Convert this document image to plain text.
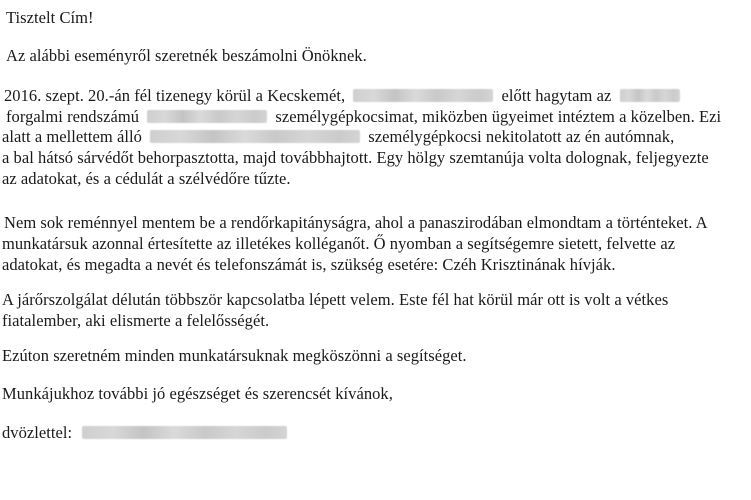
Tisztelt Cím!
Az alábbi eseményről szeretnék beszámolni Önöknek.
2016. szept. 20.-án fél tizenegy körül a Kecskemét,	előtt hagytam az
forgalmi rendszámú	személygépkocsimat, miközben ügyeimet intéztem a közelben. Ezi
alatt a mellettem álló	személygépkocsi nekitolatott az én autómnak,
a bal hátsó sárvédőt behorpasztotta, majd továbbhajtott. Egy hölgy szemtanúja volta dolognak, feljegyezte
az adatokat, és a cédulát a szélvédőre tűzte.
Nem sok reménnyel mentem be a rendőrkapitányságra, ahol a panaszirodában elmondtam a történteket. A
munkatársuk azonnal értesítette az illetékes kolléganőt. Ő nyomban a segítségemre sietett, felvette az
adatokat, és megadta a nevét és telefonszámát is, szükség esetére: Czéh Krisztinának hívják.
A járőrszolgálat délután többször kapcsolatba lépett velem. Este fél hat körül már ott is volt a vétkes
fiatalember, aki elismerte a felelősségét.
Ezúton szeretném minden munkatársuknak megköszönni a segítséget.
Munkájukhoz további jó egészséget és szerencsét kívánok,
dvözlettel:
